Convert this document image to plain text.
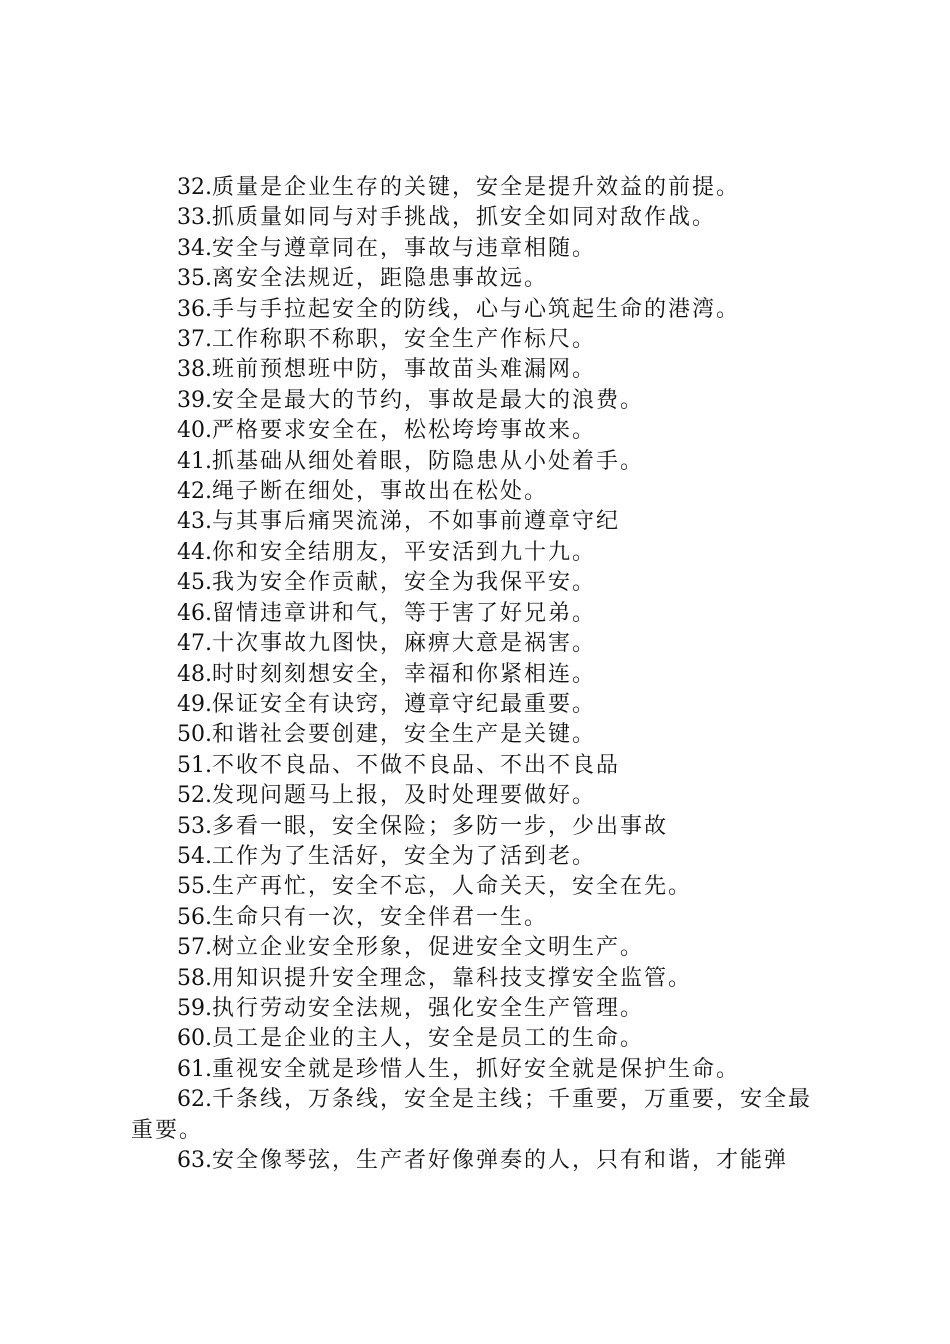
32.质量是企业生存的关键，安全是提升效益的前提。

33.抓质量如同与对手挑战，抓安全如同对敌作战。

34.安全与遵章同在，事故与违章相随。

35.离安全法规近，距隐患事故远。

36.手与手拉起安全的防线，心与心筑起生命的港湾。

37.工作称职不称职，安全生产作标尺。

38.班前预想班中防，事故苗头难漏网。

39.安全是最大的节约，事故是最大的浪费。

40.严格要求安全在，松松垮垮事故来。

41.抓基础从细处着眼，防隐患从小处着手。

42.绳子断在细处，事故出在松处。

43.与其事后痛哭流涕，不如事前遵章守纪

44.你和安全结朋友，平安活到九十九。

45.我为安全作贡献，安全为我保平安。

46.留情违章讲和气，等于害了好兄弟。

47.十次事故九图快，麻痹大意是祸害。

48.时时刻刻想安全，幸福和你紧相连。

49.保证安全有诀窍，遵章守纪最重要。

50.和谐社会要创建，安全生产是关键。

51.不收不良品、不做不良品、不出不良品

52.发现问题马上报，及时处理要做好。

53.多看一眼，安全保险；多防一步，少出事故

54.工作为了生活好，安全为了活到老。

55.生产再忙，安全不忘，人命关天，安全在先。

56.生命只有一次，安全伴君一生。

57.树立企业安全形象，促进安全文明生产。

58.用知识提升安全理念，靠科技支撑安全监管。

59.执行劳动安全法规，强化安全生产管理。

60.员工是企业的主人，安全是员工的生命。

61.重视安全就是珍惜人生，抓好安全就是保护生命。

62.千条线，万条线，安全是主线；千重要，万重要，安全最重要。

63.安全像琴弦，生产者好像弹奏的人，只有和谐，才能弹
